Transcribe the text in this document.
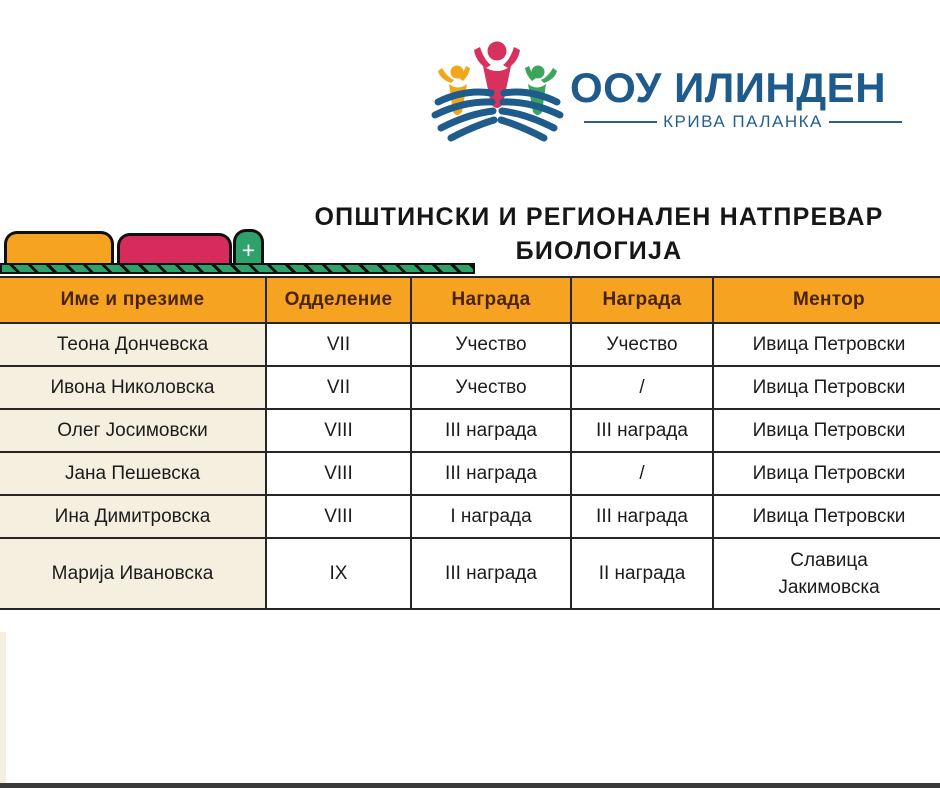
ООУ ИЛИНДЕН
КРИВА ПАЛАНКА
ОПШТИНСКИ И РЕГИОНАЛЕН НАТПРЕВАР
БИОЛОГИЈА
+
Име и презиме	Одделение	Награда	Награда	Ментор
Теона Дончевска	VII	Учество	Учество	Ивица Петровски
Ивона Николовска	VII	Учество	/	Ивица Петровски
Олег Јосимовски	VIII	III награда	III награда	Ивица Петровски
Јана Пешевска	VIII	III награда	/	Ивица Петровски
Ина Димитровска	VIII	I награда	III награда	Ивица Петровски
Марија Ивановска	IX	III награда	II награда	Славица Јакимовска
